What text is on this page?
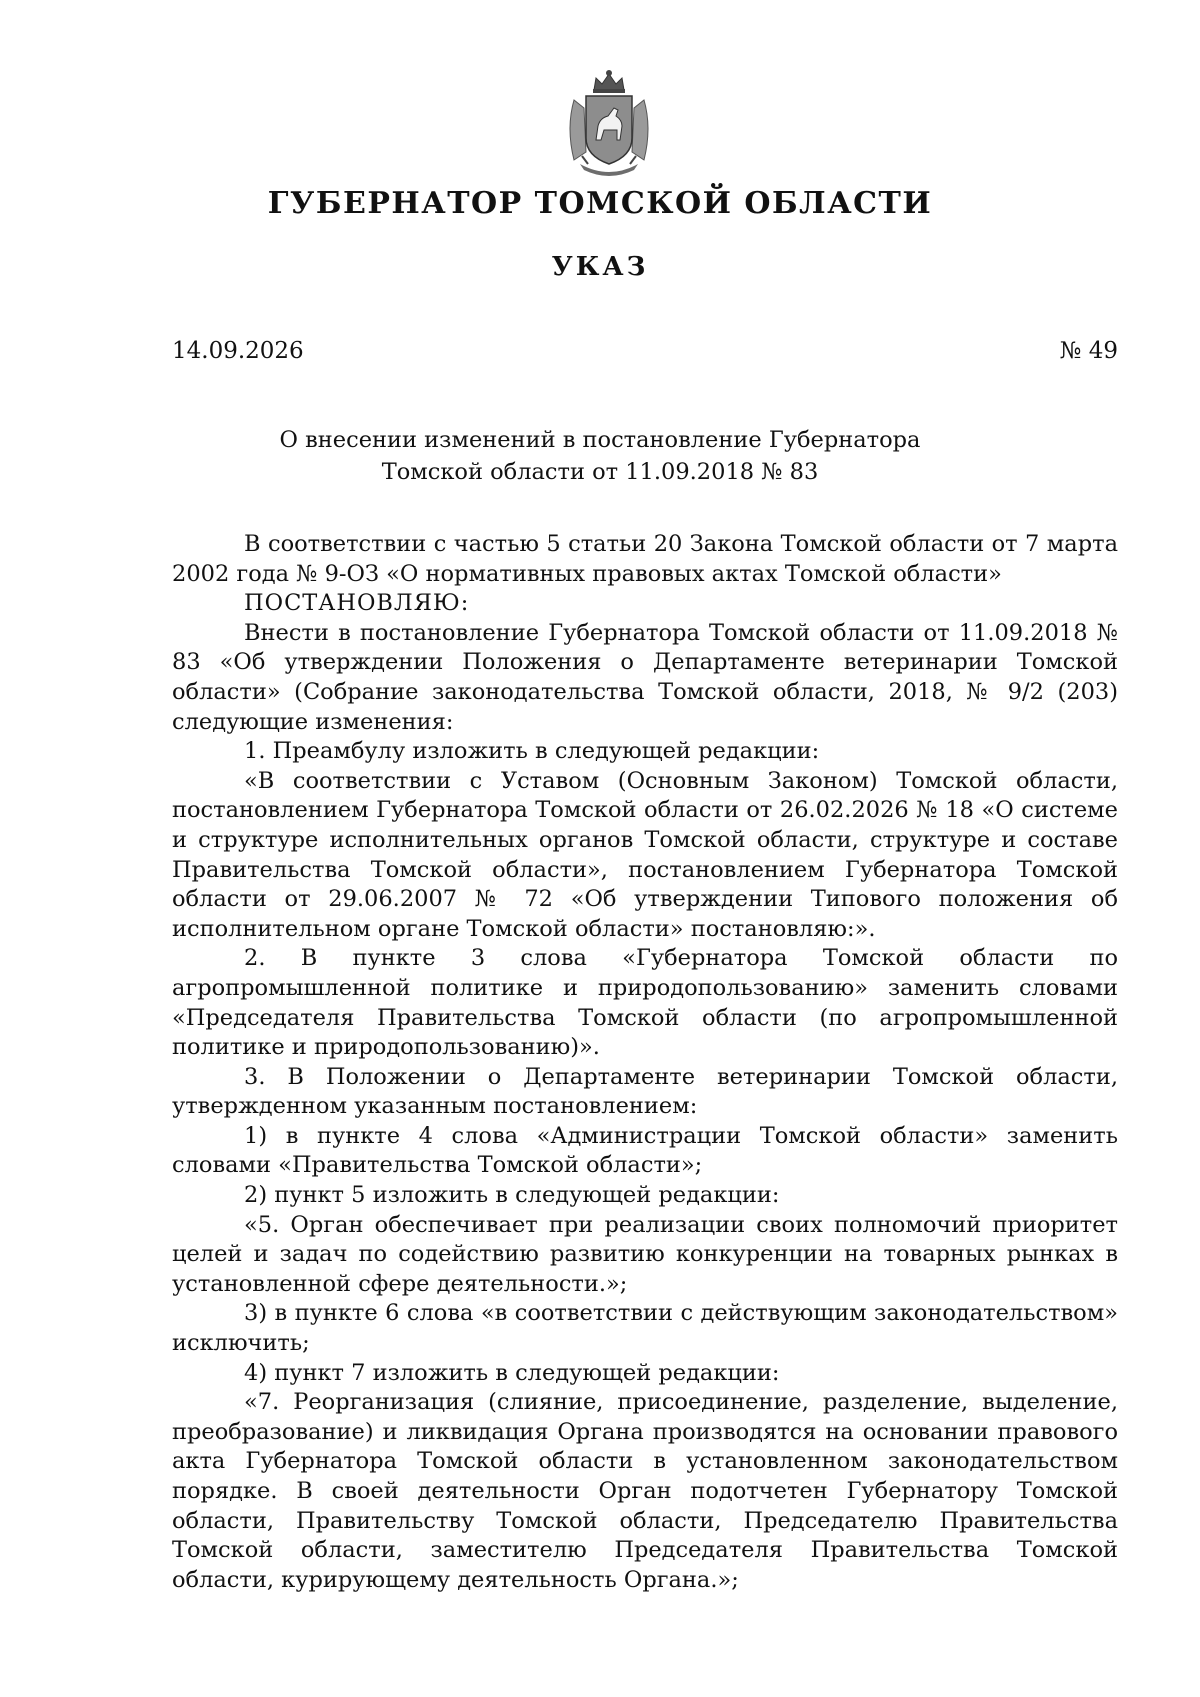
ГУБЕРНАТОР ТОМСКОЙ ОБЛАСТИ
УКАЗ
14.09.2026	№ 49
О внесении изменений в постановление Губернатора
Томской области от 11.09.2018 № 83

В соответствии с частью 5 статьи 20 Закона Томской области от 7 марта 2002 года № 9-ОЗ «О нормативных правовых актах Томской области»

ПОСТАНОВЛЯЮ:

Внести в постановление Губернатора Томской области от 11.09.2018 № 83 «Об утверждении Положения о Департаменте ветеринарии Томской области» (Собрание законодательства Томской области, 2018, № 9/2 (203) следующие изменения:

1. Преамбулу изложить в следующей редакции:

«В соответствии с Уставом (Основным Законом) Томской области, постановлением Губернатора Томской области от 26.02.2026 № 18 «О системе и структуре исполнительных органов Томской области, структуре и составе Правительства Томской области», постановлением Губернатора Томской области от 29.06.2007 № 72 «Об утверждении Типового положения об исполнительном органе Томской области» постановляю:».

2. В пункте 3 слова «Губернатора Томской области по агропромышленной политике и природопользованию» заменить словами «Председателя Правительства Томской области (по агропромышленной политике и природопользованию)».

3. В Положении о Департаменте ветеринарии Томской области, утвержденном указанным постановлением:

1) в пункте 4 слова «Администрации Томской области» заменить словами «Правительства Томской области»;

2) пункт 5 изложить в следующей редакции:

«5. Орган обеспечивает при реализации своих полномочий приоритет целей и задач по содействию развитию конкуренции на товарных рынках в установленной сфере деятельности.»;

3) в пункте 6 слова «в соответствии с действующим законодательством» исключить;

4) пункт 7 изложить в следующей редакции:

«7. Реорганизация (слияние, присоединение, разделение, выделение, преобразование) и ликвидация Органа производятся на основании правового акта Губернатора Томской области в установленном законодательством порядке. В своей деятельности Орган подотчетен Губернатору Томской области, Правительству Томской области, Председателю Правительства Томской области, заместителю Председателя Правительства Томской области, курирующему деятельность Органа.»;
